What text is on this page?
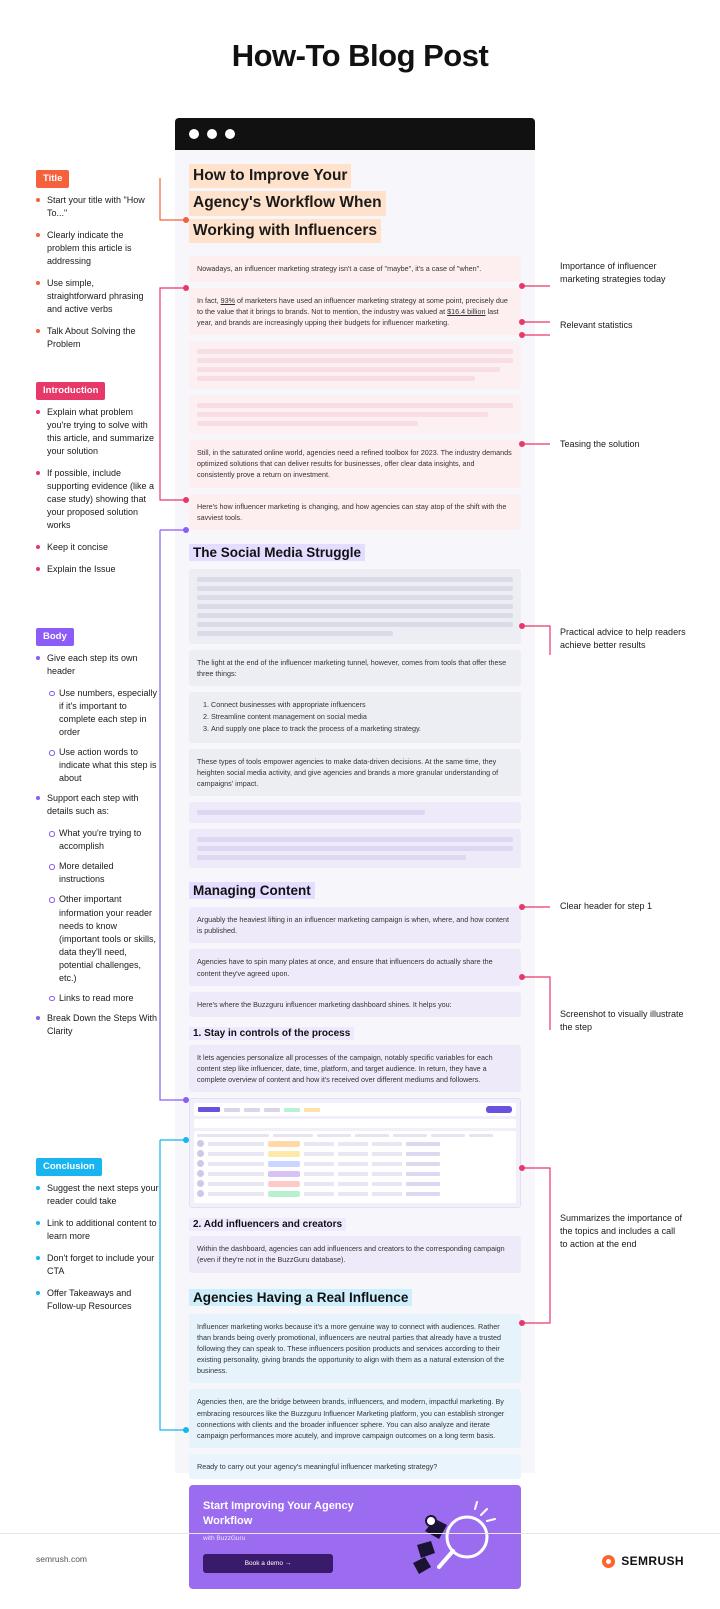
How-To Blog Post
How to Improve Your
Agency's Workflow When
Working with Influencers
Nowadays, an influencer marketing strategy isn't a case of "maybe", it's a case of "when".
In fact, 93% of marketers have used an influencer marketing strategy at some point, precisely due to the value that it brings to brands. Not to mention, the industry was valued at $16.4 billion last year, and brands are increasingly upping their budgets for influencer marketing.
Still, in the saturated online world, agencies need a refined toolbox for 2023. The industry demands optimized solutions that can deliver results for businesses, offer clear data insights, and consistently prove a return on investment.
Here's how influencer marketing is changing, and how agencies can stay atop of the shift with the savviest tools.
The Social Media Struggle
The light at the end of the influencer marketing tunnel, however, comes from tools that offer these three things:
1. Connect businesses with appropriate influencers
2. Streamline content management on social media
3. And supply one place to track the process of a marketing strategy.
These types of tools empower agencies to make data-driven decisions. At the same time, they heighten social media activity, and give agencies and brands a more granular understanding of campaigns' impact.
Managing Content
Arguably the heaviest lifting in an influencer marketing campaign is when, where, and how content is published.
Agencies have to spin many plates at once, and ensure that influencers do actually share the content they've agreed upon.
Here's where the Buzzguru influencer marketing dashboard shines. It helps you:
1. Stay in controls of the process
It lets agencies personalize all processes of the campaign, notably specific variables for each content step like influencer, date, time, platform, and target audience. In return, they have a complete overview of content and how it's received over different mediums and followers.
2. Add influencers and creators
Within the dashboard, agencies can add influencers and creators to the corresponding campaign (even if they're not in the BuzzGuru database).
Agencies Having a Real Influence
Influencer marketing works because it's a more genuine way to connect with audiences. Rather than brands being overly promotional, influencers are neutral parties that already have a trusted following they can speak to. These influencers position products and services according to their existing personality, giving brands the opportunity to align with them as a natural extension of the business.
Agencies then, are the bridge between brands, influencers, and modern, impactful marketing. By embracing resources like the Buzzguru Influencer Marketing platform, you can establish stronger connections with clients and the broader influencer sphere. You can also analyze and iterate campaign performances more acutely, and improve campaign outcomes on a long term basis.
Ready to carry out your agency's meaningful influencer marketing strategy?
Start Improving Your Agency Workflow
with BuzzGuru
Book a demo →
Title
Start your title with "How To..."
Clearly indicate the problem this article is addressing
Use simple, straightforward phrasing and active verbs
Talk About Solving the Problem
Introduction
Explain what problem you're trying to solve with this article, and summarize your solution
If possible, include supporting evidence (like a case study) showing that your proposed solution works
Keep it concise
Explain the Issue
Body
Give each step its own header
Use numbers, especially if it's important to complete each step in order
Use action words to indicate what this step is about
Support each step with details such as:
What you're trying to accomplish
More detailed instructions
Other important information your reader needs to know (important tools or skills, data they'll need, potential challenges, etc.)
Links to read more
Break Down the Steps With Clarity
Conclusion
Suggest the next steps your reader could take
Link to additional content to learn more
Don't forget to include your CTA
Offer Takeaways and Follow-up Resources
Importance of influencer marketing strategies today
Relevant statistics
Teasing the solution
Practical advice to help readers achieve better results
Clear header for step 1
Screenshot to visually illustrate the step
Summarizes the importance of the topics and includes a call to action at the end
semrush.com	SEMRUSH
